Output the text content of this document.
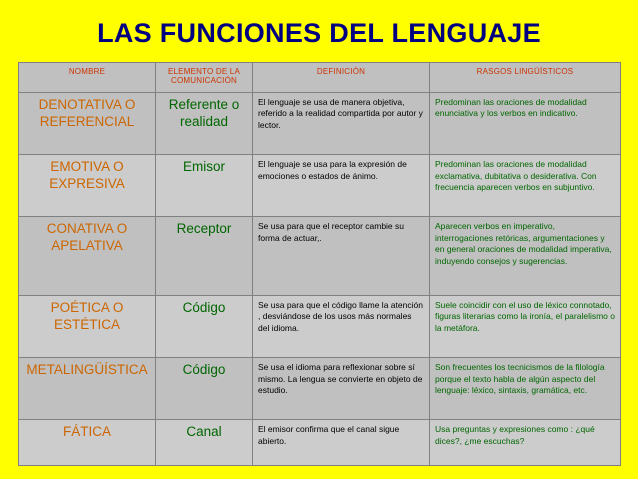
LAS FUNCIONES DEL LENGUAJE
NOMBRE	ELEMENTO DE LA COMUNICACIÓN	DEFINICIÓN	RASGOS LINGÜÍSTICOS
DENOTATIVA O REFERENCIAL	Referente o realidad	El lenguaje se usa de manera objetiva, referido a la realidad compartida por autor y lector.	Predominan las oraciones de modalidad enunciativa y los verbos en indicativo.
EMOTIVA O EXPRESIVA	Emisor	El lenguaje se usa para la expresión de emociones o estados de ánimo.	Predominan las oraciones de modalidad exclamativa, dubitativa o desiderativa. Con frecuencia aparecen verbos en subjuntivo.
CONATIVA O APELATIVA	Receptor	Se usa para que el receptor cambie su forma de actuar,.	Aparecen verbos en imperativo, interrogaciones retóricas, argumentaciones y en general oraciones de modalidad imperativa, induyendo consejos y sugerencias.
POÉTICA O ESTÉTICA	Código	Se usa para que el código llame la atención , desviándose de los usos más normales del idioma.	Suele coincidir con el uso de léxico connotado, figuras literarias como la ironía, el paralelismo o la metáfora.
METALINGÜÍSTICA	Código	Se usa el idioma para reflexionar sobre sí mismo. La lengua se convierte en objeto de estudio.	Son frecuentes los tecnicismos de la filología porque el texto habla de algún aspecto del lenguaje: léxico, sintaxis, gramática, etc.
FÁTICA	Canal	El emisor confirma que el canal sigue abierto.	Usa preguntas y expresiones como : ¿qué dices?, ¿me escuchas?
